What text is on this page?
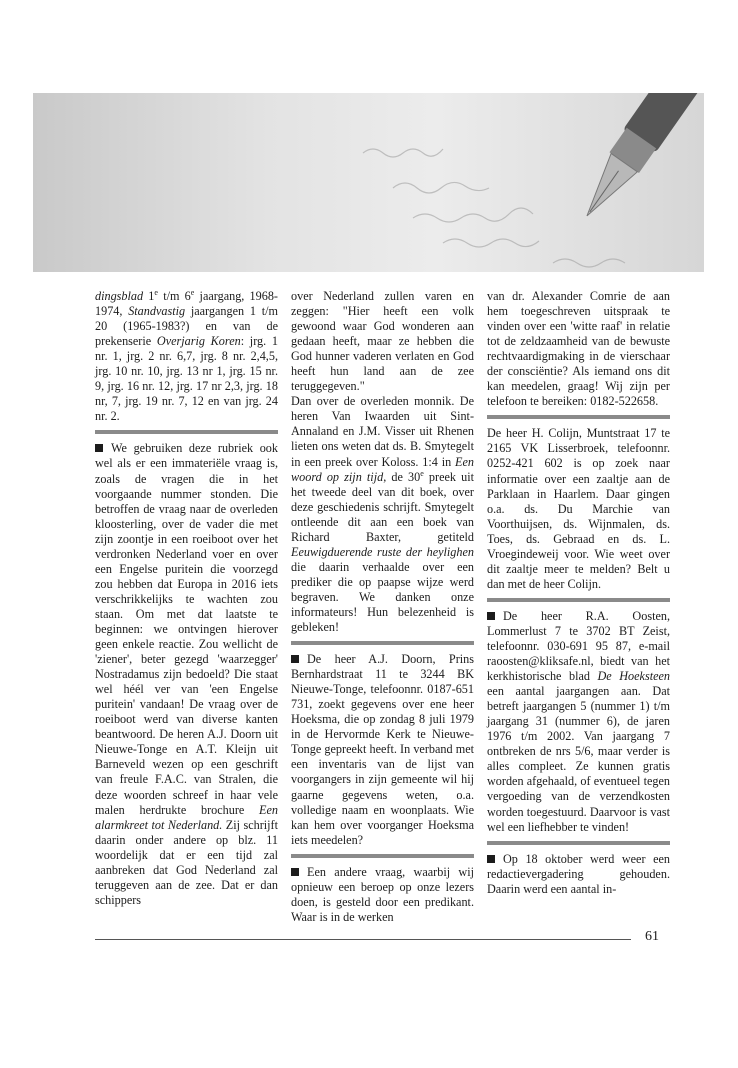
dingsblad 1e t/m 6e jaargang, 1968-1974, Standvastig jaargangen 1 t/m 20 (1965-1983?) en van de prekenserie Overjarig Koren: jrg. 1 nr. 1, jrg. 2 nr. 6,7, jrg. 8 nr. 2,4,5, jrg. 10 nr. 10, jrg. 13 nr 1, jrg. 15 nr. 9, jrg. 16 nr. 12, jrg. 17 nr 2,3, jrg. 18 nr, 7, jrg. 19 nr. 7, 12 en van jrg. 24 nr. 2.

We gebruiken deze rubriek ook wel als er een immateriële vraag is, zoals de vragen die in het voorgaande nummer stonden. Die betroffen de vraag naar de overleden kloosterling, over de vader die met zijn zoontje in een roeiboot over het verdronken Nederland voer en over een Engelse puritein die voorzegd zou hebben dat Europa in 2016 iets verschrikkelijks te wachten zou staan. Om met dat laatste te beginnen: we ontvingen hierover geen enkele reactie. Zou wellicht de 'ziener', beter gezegd 'waarzegger' Nostradamus zijn bedoeld? Die staat wel héél ver van 'een Engelse puritein' vandaan! De vraag over de roeiboot werd van diverse kanten beantwoord. De heren A.J. Doorn uit Nieuwe-Tonge en A.T. Kleijn uit Barneveld wezen op een geschrift van freule F.A.C. van Stralen, die deze woorden schreef in haar vele malen herdrukte brochure Een alarmkreet tot Nederland. Zij schrijft daarin onder andere op blz. 11 woordelijk dat er een tijd zal aanbreken dat God Nederland zal teruggeven aan de zee. Dat er dan schippers

over Nederland zullen varen en zeggen: "Hier heeft een volk gewoond waar God wonderen aan gedaan heeft, maar ze hebben die God hunner vaderen verlaten en God heeft hun land aan de zee teruggegeven."

Dan over de overleden monnik. De heren Van Iwaarden uit Sint-Annaland en J.M. Visser uit Rhenen lieten ons weten dat ds. B. Smytegelt in een preek over Koloss. 1:4 in Een woord op zijn tijd, de 30e preek uit het tweede deel van dit boek, over deze geschiedenis schrijft. Smytegelt ontleende dit aan een boek van Richard Baxter, getiteld Eeuwigduerende ruste der heylighen die daarin verhaalde over een prediker die op paapse wijze werd begraven. We danken onze informateurs! Hun belezenheid is gebleken!

De heer A.J. Doorn, Prins Bernhardstraat 11 te 3244 BK Nieuwe-Tonge, telefoonnr. 0187-651 731, zoekt gegevens over ene heer Hoeksma, die op zondag 8 juli 1979 in de Hervormde Kerk te Nieuwe-Tonge gepreekt heeft. In verband met een inventaris van de lijst van voorgangers in zijn gemeente wil hij gaarne gegevens weten, o.a. volledige naam en woonplaats. Wie kan hem over voorganger Hoeksma iets meedelen?

Een andere vraag, waarbij wij opnieuw een beroep op onze lezers doen, is gesteld door een predikant. Waar is in de werken

van dr. Alexander Comrie de aan hem toegeschreven uitspraak te vinden over een 'witte raaf' in relatie tot de zeldzaamheid van de bewuste rechtvaardigmaking in de vierschaar der consciëntie? Als iemand ons dit kan meedelen, graag! Wij zijn per telefoon te bereiken: 0182-522658.

De heer H. Colijn, Muntstraat 17 te 2165 VK Lisserbroek, telefoonnr. 0252-421 602 is op zoek naar informatie over een zaaltje aan de Parklaan in Haarlem. Daar gingen o.a. ds. Du Marchie van Voorthuijsen, ds. Wijnmalen, ds. Toes, ds. Gebraad en ds. L. Vroegindeweij voor. Wie weet over dit zaaltje meer te melden? Belt u dan met de heer Colijn.

De heer R.A. Oosten, Lommerlust 7 te 3702 BT Zeist, telefoonnr. 030-691 95 87, e-mail raoosten@kliksafe.nl, biedt van het kerkhistorische blad De Hoeksteen een aantal jaargangen aan. Dat betreft jaargangen 5 (nummer 1) t/m jaargang 31 (nummer 6), de jaren 1976 t/m 2002. Van jaargang 7 ontbreken de nrs 5/6, maar verder is alles compleet. Ze kunnen gratis worden afgehaald, of eventueel tegen vergoeding van de verzendkosten worden toegestuurd. Daarvoor is vast wel een liefhebber te vinden!

Op 18 oktober werd weer een redactievergadering gehouden. Daarin werd een aantal in-

61
